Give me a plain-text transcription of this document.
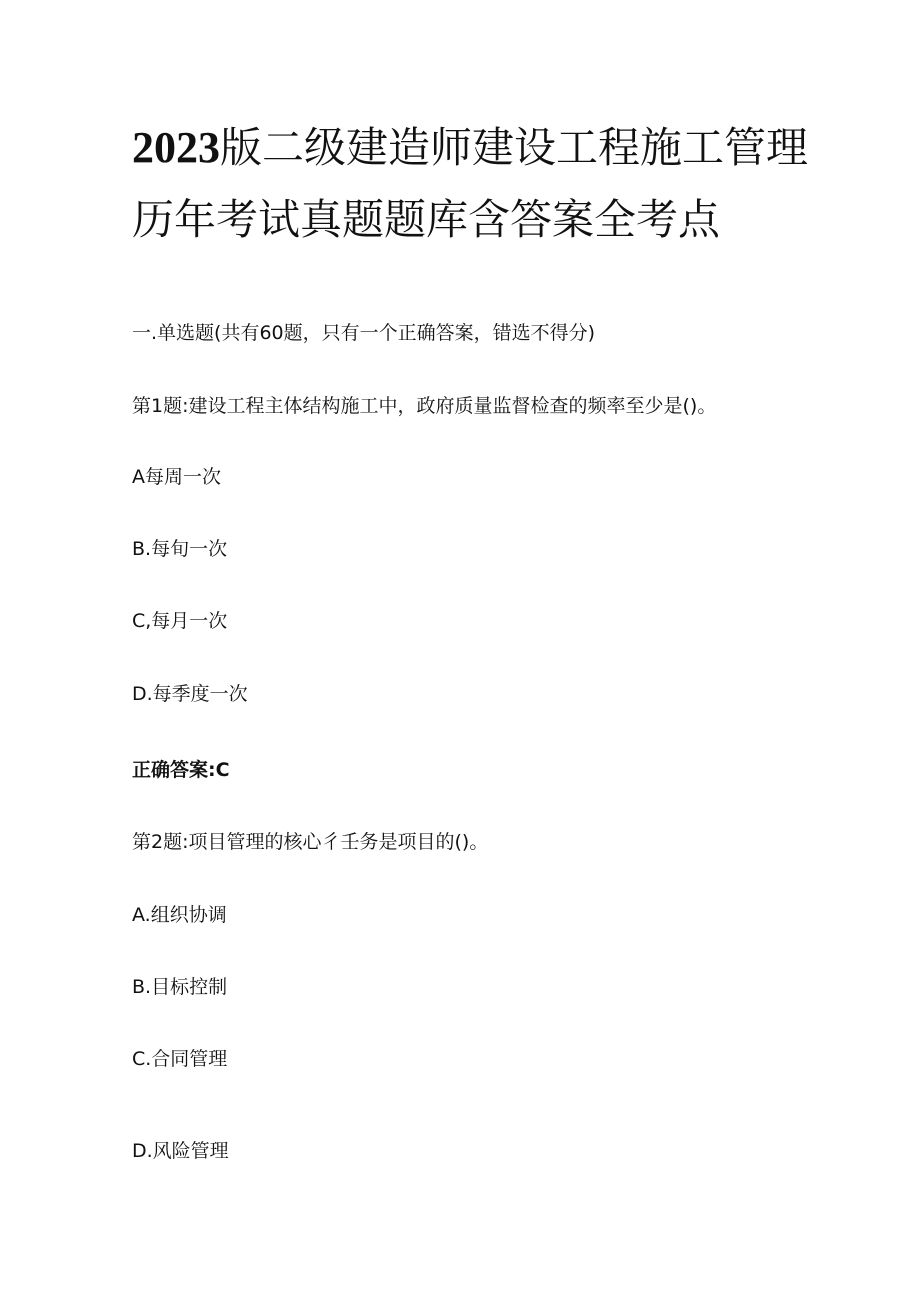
2023版二级建造师建设工程施工管理历年考试真题题库含答案全考点

一.单选题(共有60题，只有一个正确答案，错选不得分)

第1题:建设工程主体结构施工中，政府质量监督检查的频率至少是()。

A每周一次

B.每旬一次

C,每月一次

D.每季度一次

正确答案:C

第2题:项目管理的核心彳壬务是项目的()。

A.组织协调

B.目标控制

C.合同管理

D.风险管理
